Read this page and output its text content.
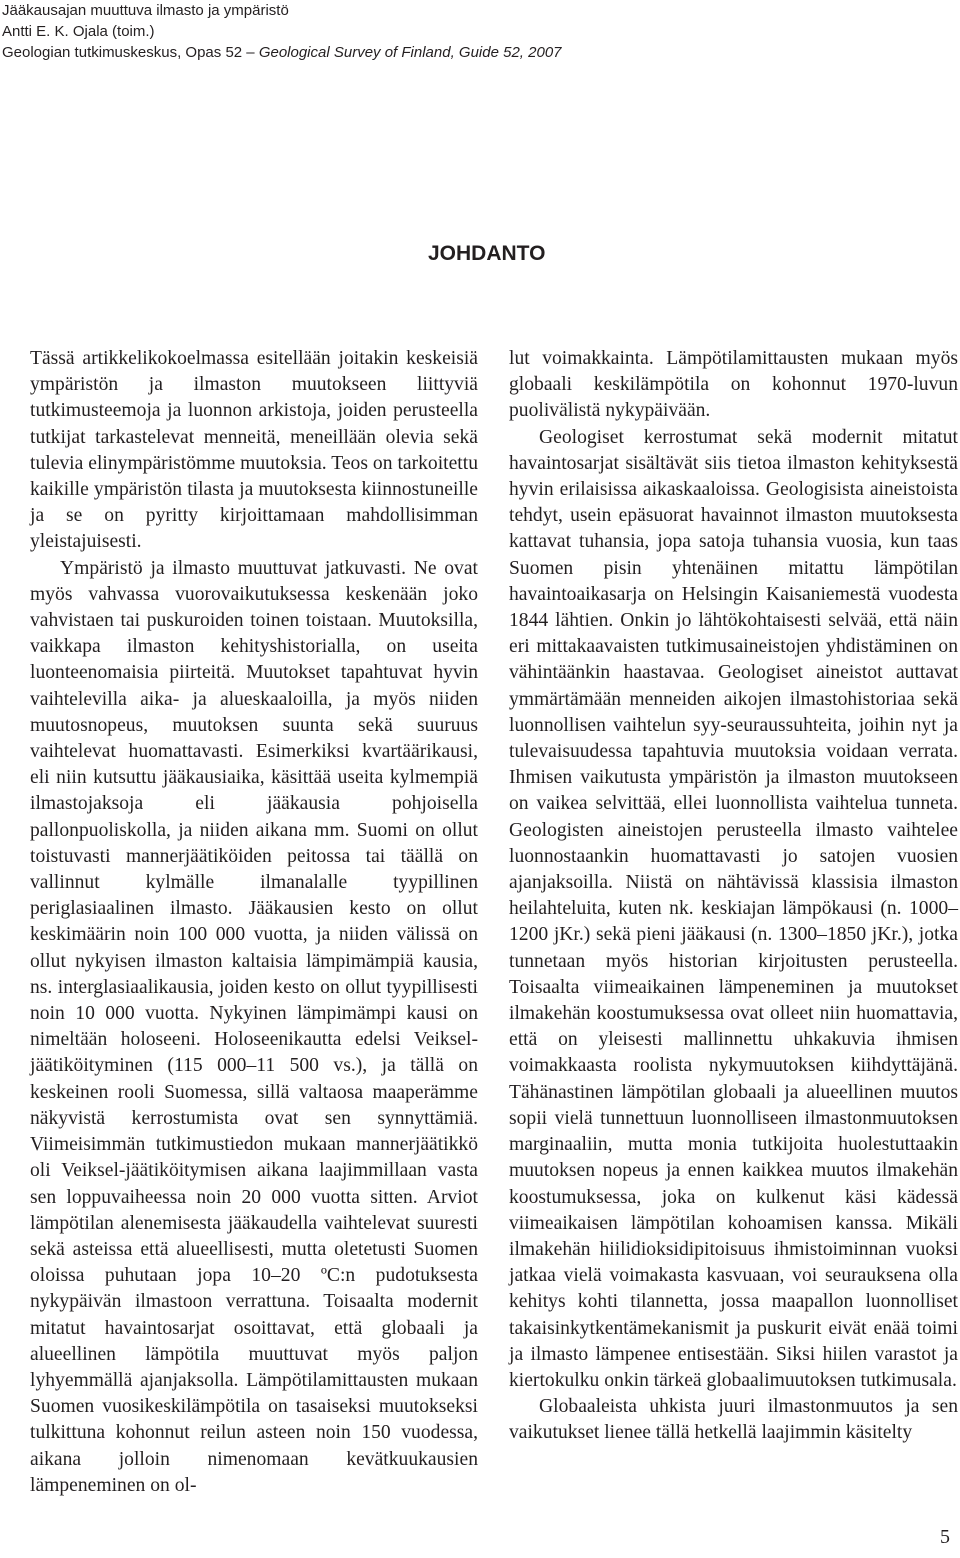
Jääkausajan muuttuva ilmasto ja ympäristö
Antti E. K. Ojala (toim.)
Geologian tutkimuskeskus, Opas 52 – Geological Survey of Finland, Guide 52, 2007
JOHDANTO

Tässä artikkelikokoelmassa esitellään joitakin keskeisiä ympäristön ja ilmaston muutokseen liittyviä tutkimusteemoja ja luonnon arkistoja, joiden perusteella tutkijat tarkastelevat menneitä, meneillään olevia sekä tulevia elinympäristömme muutoksia. Teos on tarkoitettu kaikille ympäristön tilasta ja muutoksesta kiinnostuneille ja se on pyritty kirjoittamaan mahdollisimman yleistajuisesti.

Ympäristö ja ilmasto muuttuvat jatkuvasti. Ne ovat myös vahvassa vuorovaikutuksessa keskenään joko vahvistaen tai puskuroiden toinen toistaan. Muutoksilla, vaikkapa ilmaston kehityshistorialla, on useita luonteenomaisia piirteitä. Muutokset tapahtuvat hyvin vaihtelevilla aika- ja alueskaaloilla, ja myös niiden muutosnopeus, muutoksen suunta sekä suuruus vaihtelevat huomattavasti. Esimerkiksi kvartäärikausi, eli niin kutsuttu jääkausiaika, käsittää useita kylmempiä ilmastojaksoja eli jääkausia pohjoisella pallonpuoliskolla, ja niiden aikana mm. Suomi on ollut toistuvasti mannerjäätiköiden peitossa tai täällä on vallinnut kylmälle ilmanalalle tyypillinen periglasiaalinen ilmasto. Jääkausien kesto on ollut keskimäärin noin 100 000 vuotta, ja niiden välissä on ollut nykyisen ilmaston kaltaisia lämpimämpiä kausia, ns. interglasiaalikausia, joiden kesto on ollut tyypillisesti noin 10 000 vuotta. Nykyinen lämpimämpi kausi on nimeltään holoseeni. Holoseenikautta edelsi Veiksel-jäätiköityminen (115 000–11 500 vs.), ja tällä on keskeinen rooli Suomessa, sillä valtaosa maaperämme näkyvistä kerrostumista ovat sen synnyttämiä. Viimeisimmän tutkimustiedon mukaan mannerjäätikkö oli Veiksel-jäätiköitymisen aikana laajimmillaan vasta sen loppuvaiheessa noin 20 000 vuotta sitten. Arviot lämpötilan alenemisesta jääkaudella vaihtelevat suuresti sekä asteissa että alueellisesti, mutta oletetusti Suomen oloissa puhutaan jopa 10–20 ºC:n pudotuksesta nykypäivän ilmastoon verrattuna. Toisaalta modernit mitatut havaintosarjat osoittavat, että globaali ja alueellinen lämpötila muuttuvat myös paljon lyhyemmällä ajanjaksolla. Lämpötilamittausten mukaan Suomen vuosikeskilämpötila on tasaiseksi muutokseksi tulkittuna kohonnut reilun asteen noin 150 vuodessa, aikana jolloin nimenomaan kevätkuukausien lämpeneminen on ol-

lut voimakkainta. Lämpötilamittausten mukaan myös globaali keskilämpötila on kohonnut 1970-luvun puolivälistä nykypäivään.

Geologiset kerrostumat sekä modernit mitatut havaintosarjat sisältävät siis tietoa ilmaston kehityksestä hyvin erilaisissa aikaskaaloissa. Geologisista aineistoista tehdyt, usein epäsuorat havainnot ilmaston muutoksesta kattavat tuhansia, jopa satoja tuhansia vuosia, kun taas Suomen pisin yhtenäinen mitattu lämpötilan havaintoaikasarja on Helsingin Kaisaniemestä vuodesta 1844 lähtien. Onkin jo lähtökohtaisesti selvää, että näin eri mittakaavaisten tutkimusaineistojen yhdistäminen on vähintäänkin haastavaa. Geologiset aineistot auttavat ymmärtämään menneiden aikojen ilmastohistoriaa sekä luonnollisen vaihtelun syy-seuraussuhteita, joihin nyt ja tulevaisuudessa tapahtuvia muutoksia voidaan verrata. Ihmisen vaikutusta ympäristön ja ilmaston muutokseen on vaikea selvittää, ellei luonnollista vaihtelua tunneta. Geologisten aineistojen perusteella ilmasto vaihtelee luonnostaankin huomattavasti jo satojen vuosien ajanjaksoilla. Niistä on nähtävissä klassisia ilmaston heilahteluita, kuten nk. keskiajan lämpökausi (n. 1000–1200 jKr.) sekä pieni jääkausi (n. 1300–1850 jKr.), jotka tunnetaan myös historian kirjoitusten perusteella. Toisaalta viimeaikainen lämpeneminen ja muutokset ilmakehän koostumuksessa ovat olleet niin huomattavia, että on yleisesti mallinnettu uhkakuvia ihmisen voimakkaasta roolista nykymuutoksen kiihdyttäjänä. Tähänastinen lämpötilan globaali ja alueellinen muutos sopii vielä tunnettuun luonnolliseen ilmastonmuutoksen marginaaliin, mutta monia tutkijoita huolestuttaakin muutoksen nopeus ja ennen kaikkea muutos ilmakehän koostumuksessa, joka on kulkenut käsi kädessä viimeaikaisen lämpötilan kohoamisen kanssa. Mikäli ilmakehän hiilidioksidipitoisuus ihmistoiminnan vuoksi jatkaa vielä voimakasta kasvuaan, voi seurauksena olla kehitys kohti tilannetta, jossa maapallon luonnolliset takaisinkytkentämekanismit ja puskurit eivät enää toimi ja ilmasto lämpenee entisestään. Siksi hiilen varastot ja kiertokulku onkin tärkeä globaalimuutoksen tutkimusala.

Globaaleista uhkista juuri ilmastonmuutos ja sen vaikutukset lienee tällä hetkellä laajimmin käsitelty

5
